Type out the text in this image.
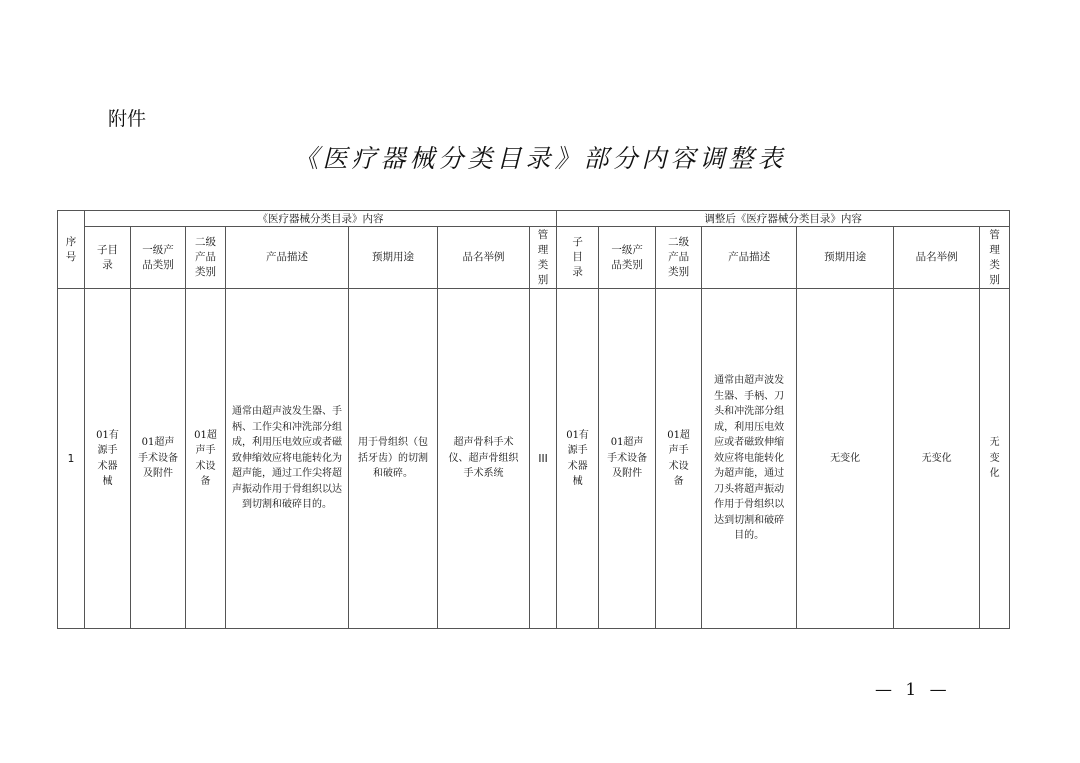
附件
《医疗器械分类目录》部分内容调整表
序号	《医疗器械分类目录》内容							调整后《医疗器械分类目录》内容						

	子目录	一级产品类别	二级产品类别	产品描述	预期用途	品名举例	管理类别	子目录	一级产品类别	二级产品类别	产品描述	预期用途	品名举例	管理类别

1	01有源手术器械	01超声手术设备及附件	01超声手术设备	通常由超声波发生器、手柄、工作尖和冲洗部分组成，利用压电效应或者磁致伸缩效应将电能转化为超声能，通过工作尖将超声振动作用于骨组织以达到切割和破碎目的。	用于骨组织（包括牙齿）的切割和破碎。	超声骨科手术仪、超声骨组织手术系统	III	01有源手术器械	01超声手术设备及附件	01超声手术设备	通常由超声波发生器、手柄、刀头和冲洗部分组成，利用压电效应或者磁致伸缩效应将电能转化为超声能，通过刀头将超声振动作用于骨组织以达到切割和破碎目的。	无变化	无变化	无变化
— 1 —
